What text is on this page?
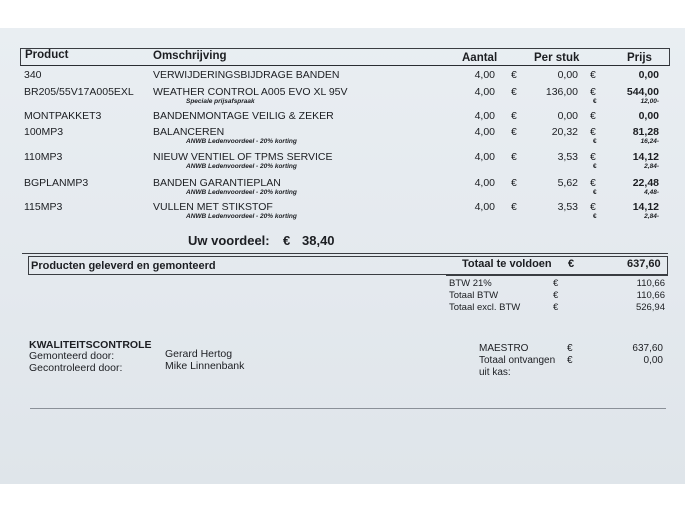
Product	Omschrijving	Aantal	Per stuk	Prijs
340	VERWIJDERINGSBIJDRAGE BANDEN	4,00 €	0,00 €	0,00
BR205/55V17A005EXL WEATHER CONTROL A005 EVO XL 95V	4,00 €	136,00 €	544,00
Speciale prijsafspraak	€	12,00-
MONTPAKKET3	BANDENMONTAGE VEILIG & ZEKER	4,00 €	0,00 €	0,00
100MP3	BALANCEREN	4,00 €	20,32 €	81,28
ANWB Ledenvoordeel - 20% korting	€	16,24-
110MP3	NIEUW VENTIEL OF TPMS SERVICE	4,00 €	3,53 €	14,12
ANWB Ledenvoordeel - 20% korting	€	2,84-
BGPLANMP3	BANDEN GARANTIEPLAN	4,00 €	5,62 €	22,48
ANWB Ledenvoordeel - 20% korting	€	4,48-
115MP3	VULLEN MET STIKSTOF	4,00 €	3,53 €	14,12
ANWB Ledenvoordeel - 20% korting	€	2,84-
Uw voordeel: € 38,40
Producten geleverd en gemonteerd	Totaal te voldoen €	637,60
BTW 21%	€	110,66
Totaal BTW	€	110,66
Totaal excl. BTW	€	526,94
KWALITEITSCONTROLE
Gemonteerd door:	Gerard Hertog
Gecontroleerd door:	Mike Linnenbank
MAESTRO	€	637,60
Totaal ontvangen €	0,00
uit kas:
